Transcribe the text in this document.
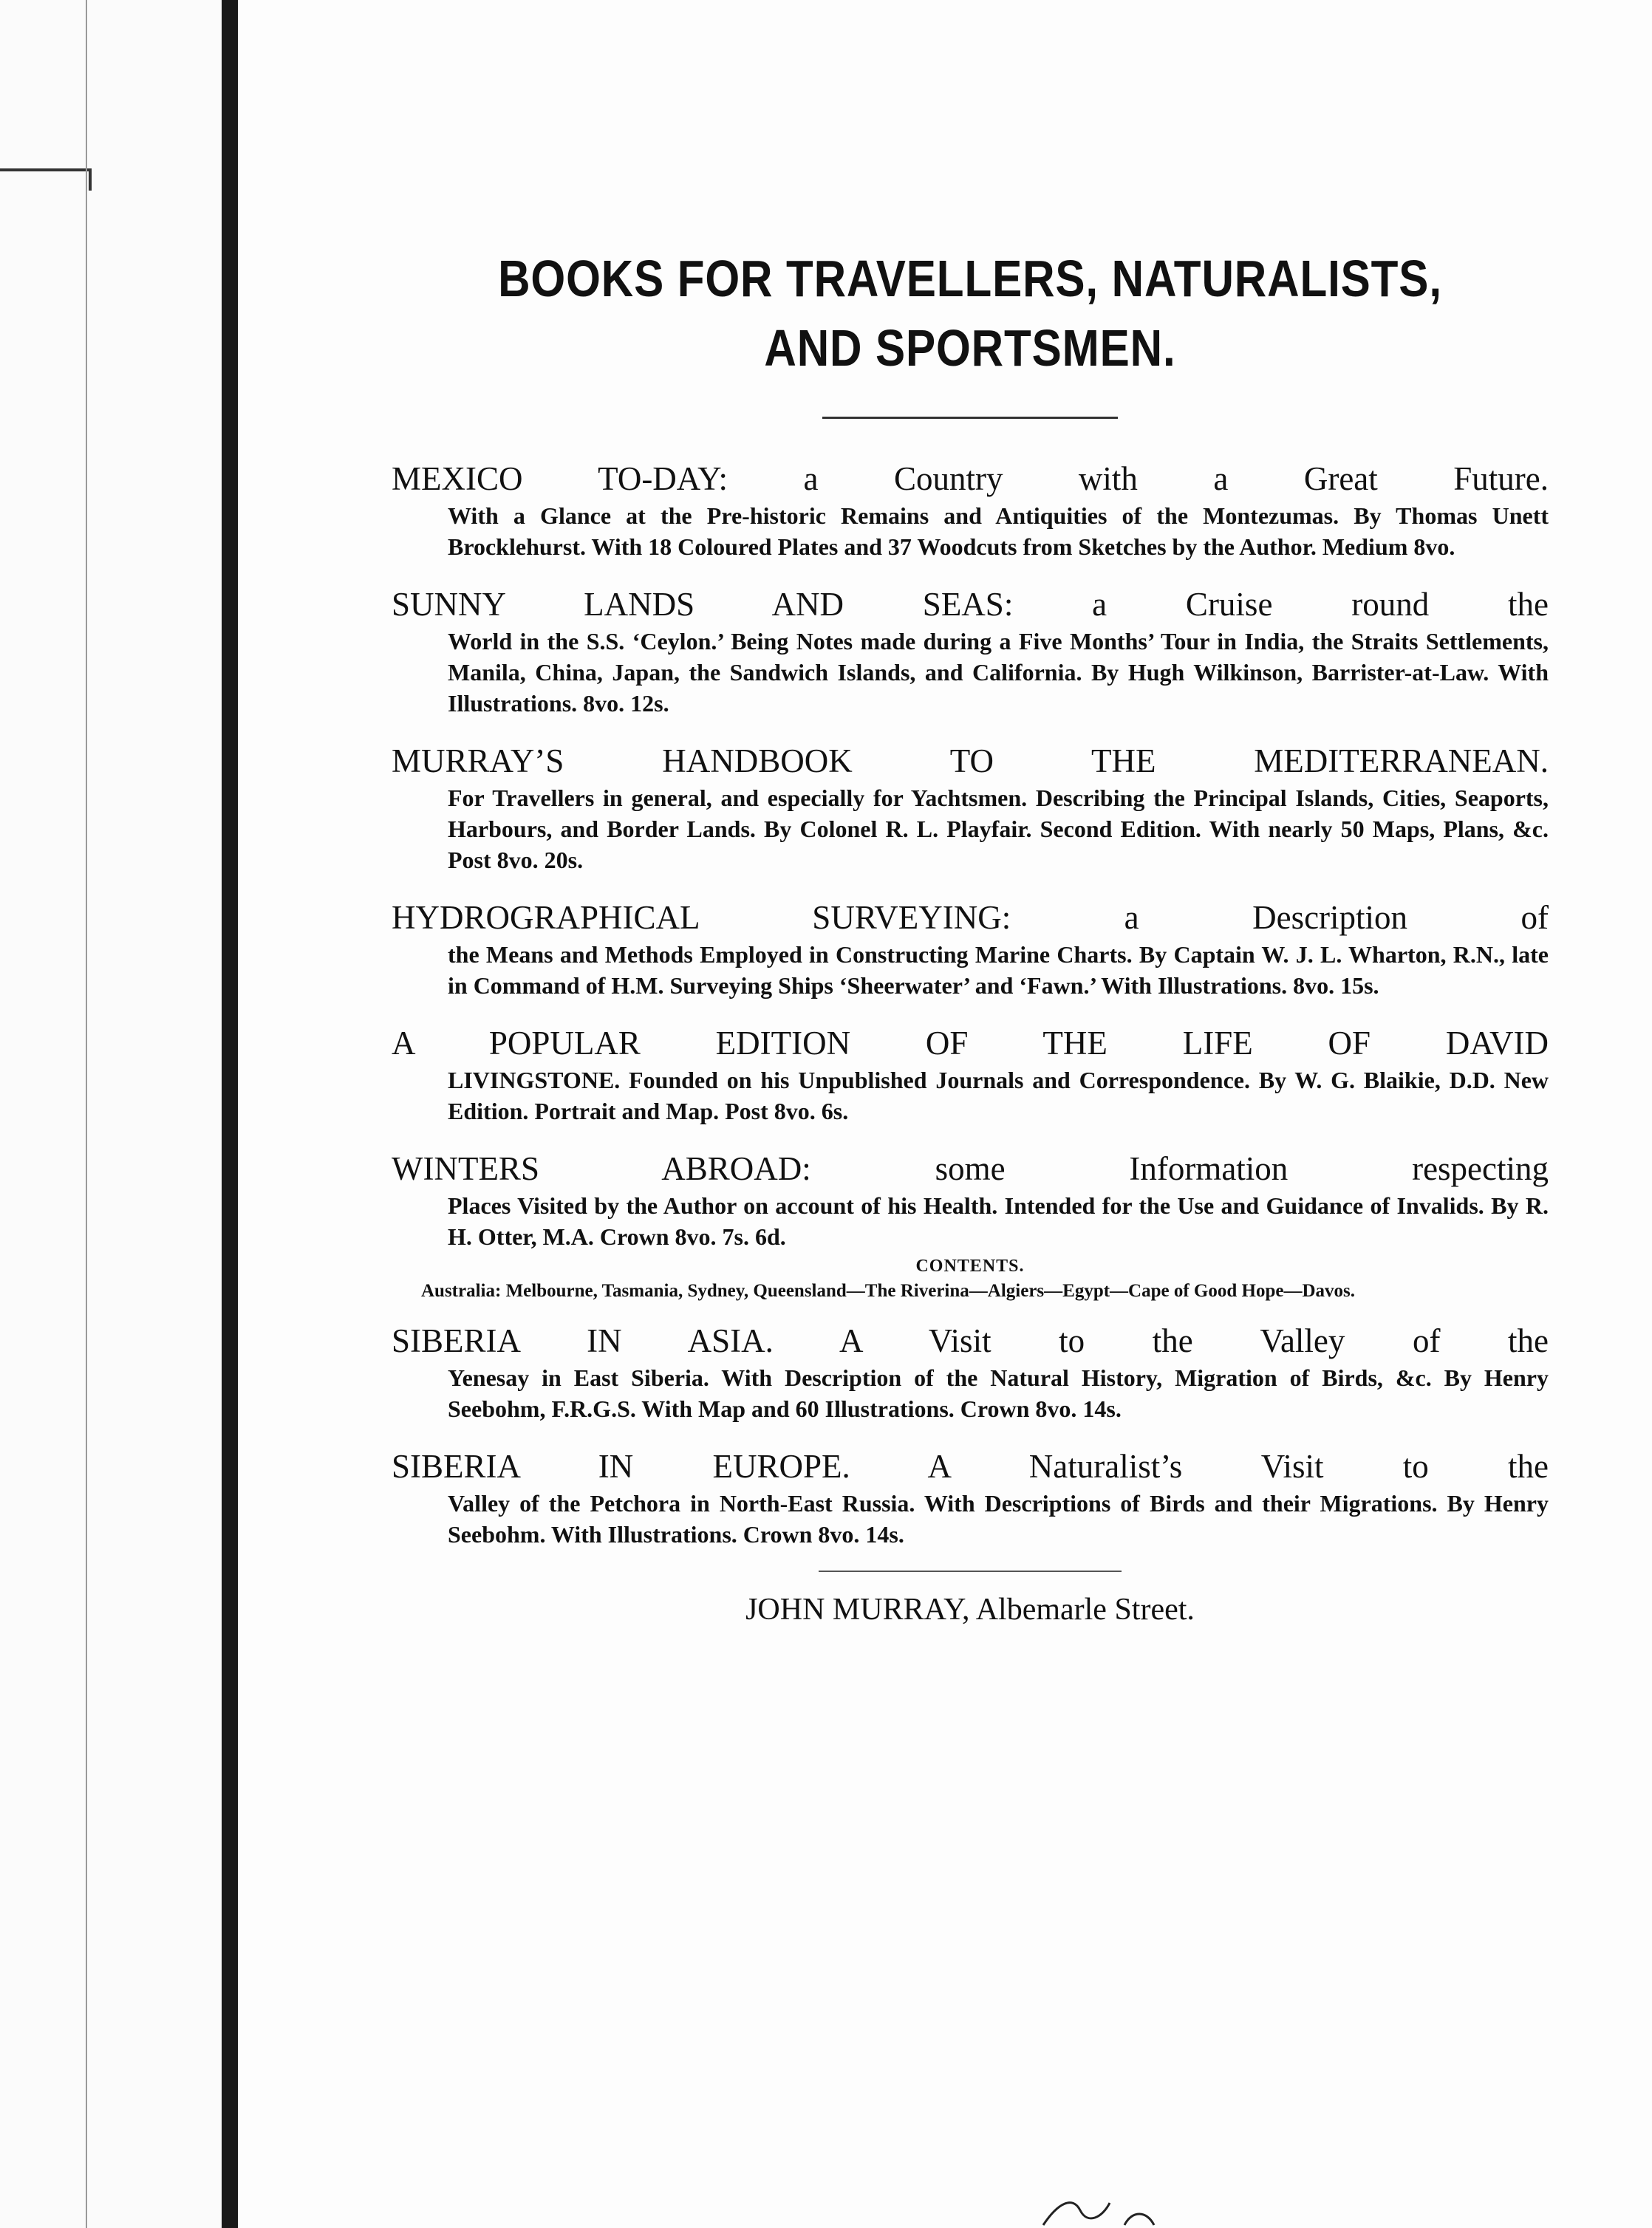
BOOKS FOR TRAVELLERS, NATURALISTS,

AND SPORTSMEN.

MEXICO TO-DAY: a Country with a Great Future.

With a Glance at the Pre-historic Remains and Antiquities of the Montezumas. By Thomas Unett Brocklehurst. With 18 Coloured Plates and 37 Woodcuts from Sketches by the Author. Medium 8vo.

SUNNY LANDS AND SEAS: a Cruise round the

World in the S.S. ‘Ceylon.’ Being Notes made during a Five Months’ Tour in India, the Straits Settlements, Manila, China, Japan, the Sandwich Islands, and California. By Hugh Wilkinson, Barrister-at-Law. With Illustrations. 8vo. 12s.

MURRAY’S HANDBOOK TO THE MEDITERRANEAN.

For Travellers in general, and especially for Yachtsmen. Describing the Principal Islands, Cities, Seaports, Harbours, and Border Lands. By Colonel R. L. Playfair. Second Edition. With nearly 50 Maps, Plans, &c. Post 8vo. 20s.

HYDROGRAPHICAL SURVEYING: a Description of

the Means and Methods Employed in Constructing Marine Charts. By Captain W. J. L. Wharton, R.N., late in Command of H.M. Surveying Ships ‘Sheerwater’ and ‘Fawn.’ With Illustrations. 8vo. 15s.

A POPULAR EDITION OF THE LIFE OF DAVID

LIVINGSTONE. Founded on his Unpublished Journals and Correspondence. By W. G. Blaikie, D.D. New Edition. Portrait and Map. Post 8vo. 6s.

WINTERS ABROAD: some Information respecting

Places Visited by the Author on account of his Health. Intended for the Use and Guidance of Invalids. By R. H. Otter, M.A. Crown 8vo. 7s. 6d.

CONTENTS.

Australia: Melbourne, Tasmania, Sydney, Queensland—The Riverina—Algiers—Egypt—Cape of Good Hope—Davos.

SIBERIA IN ASIA. A Visit to the Valley of the

Yenesay in East Siberia. With Description of the Natural History, Migration of Birds, &c. By Henry Seebohm, F.R.G.S. With Map and 60 Illustrations. Crown 8vo. 14s.

SIBERIA IN EUROPE. A Naturalist’s Visit to the

Valley of the Petchora in North-East Russia. With Descriptions of Birds and their Migrations. By Henry Seebohm. With Illustrations. Crown 8vo. 14s.

JOHN MURRAY, Albemarle Street.
